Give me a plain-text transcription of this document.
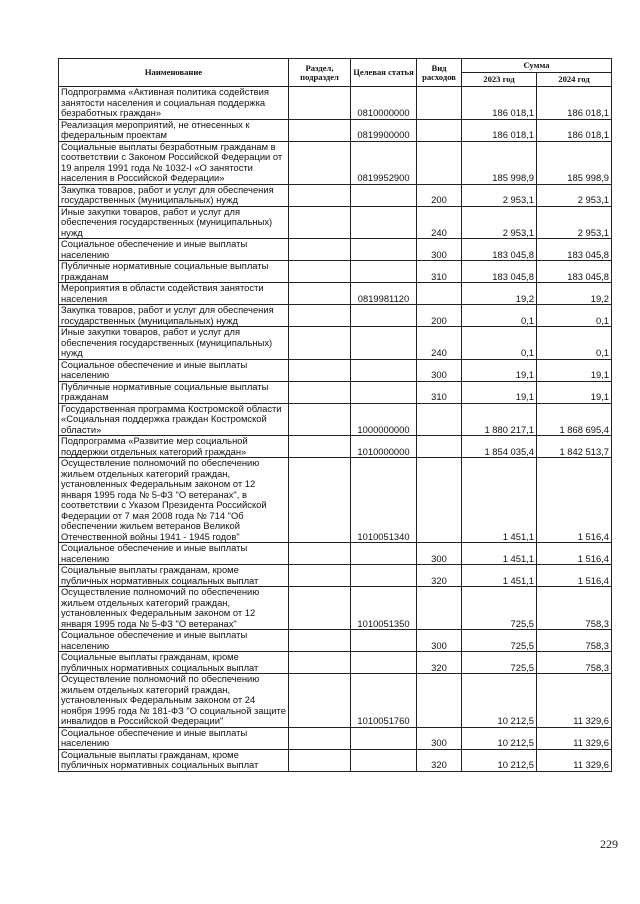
Наименование	Раздел, подраздел	Целевая статья	Вид расходов	Сумма	
				2023 год	2024 год
Подпрограмма «Активная политика содействия занятости населения и социальная поддержка безработных граждан»		0810000000		186 018,1	186 018,1
Реализация мероприятий, не отнесенных к федеральным проектам		0819900000		186 018,1	186 018,1
Социальные выплаты безработным гражданам в соответствии с Законом Российской Федерации от 19 апреля 1991 года № 1032-I «О занятости населения в Российской Федерации»		0819952900		185 998,9	185 998,9
Закупка товаров, работ и услуг для обеспечения государственных (муниципальных) нужд			200	2 953,1	2 953,1
Иные закупки товаров, работ и услуг для обеспечения государственных (муниципальных) нужд			240	2 953,1	2 953,1
Социальное обеспечение и иные выплаты населению			300	183 045,8	183 045,8
Публичные нормативные социальные выплаты гражданам			310	183 045,8	183 045,8
Мероприятия в области содействия занятости населения		0819981120		19,2	19,2
Закупка товаров, работ и услуг для обеспечения государственных (муниципальных) нужд			200	0,1	0,1
Иные закупки товаров, работ и услуг для обеспечения государственных (муниципальных) нужд			240	0,1	0,1
Социальное обеспечение и иные выплаты населению			300	19,1	19,1
Публичные нормативные социальные выплаты гражданам			310	19,1	19,1
Государственная программа Костромской области «Социальная поддержка граждан Костромской области»		1000000000		1 880 217,1	1 868 695,4
Подпрограмма «Развитие мер социальной поддержки отдельных категорий граждан»		1010000000		1 854 035,4	1 842 513,7
Осуществление полномочий по обеспечению жильем отдельных категорий граждан, установленных Федеральным законом от 12 января 1995 года № 5-ФЗ "О ветеранах", в соответствии с Указом Президента Российской Федерации от 7 мая 2008 года № 714 "Об обеспечении жильем ветеранов Великой Отечественной войны 1941 - 1945 годов"		1010051340		1 451,1	1 516,4
Социальное обеспечение и иные выплаты населению			300	1 451,1	1 516,4
Социальные выплаты гражданам, кроме публичных нормативных социальных выплат			320	1 451,1	1 516,4
Осуществление полномочий по обеспечению жильем отдельных категорий граждан, установленных Федеральным законом от 12 января 1995 года № 5-ФЗ "О ветеранах"		1010051350		725,5	758,3
Социальное обеспечение и иные выплаты населению			300	725,5	758,3
Социальные выплаты гражданам, кроме публичных нормативных социальных выплат			320	725,5	758,3
Осуществление полномочий по обеспечению жильем отдельных категорий граждан, установленных Федеральным законом от 24 ноября 1995 года № 181-ФЗ "О социальной защите инвалидов в Российской Федерации"		1010051760		10 212,5	11 329,6
Социальное обеспечение и иные выплаты населению			300	10 212,5	11 329,6
Социальные выплаты гражданам, кроме публичных нормативных социальных выплат			320	10 212,5	11 329,6
229
